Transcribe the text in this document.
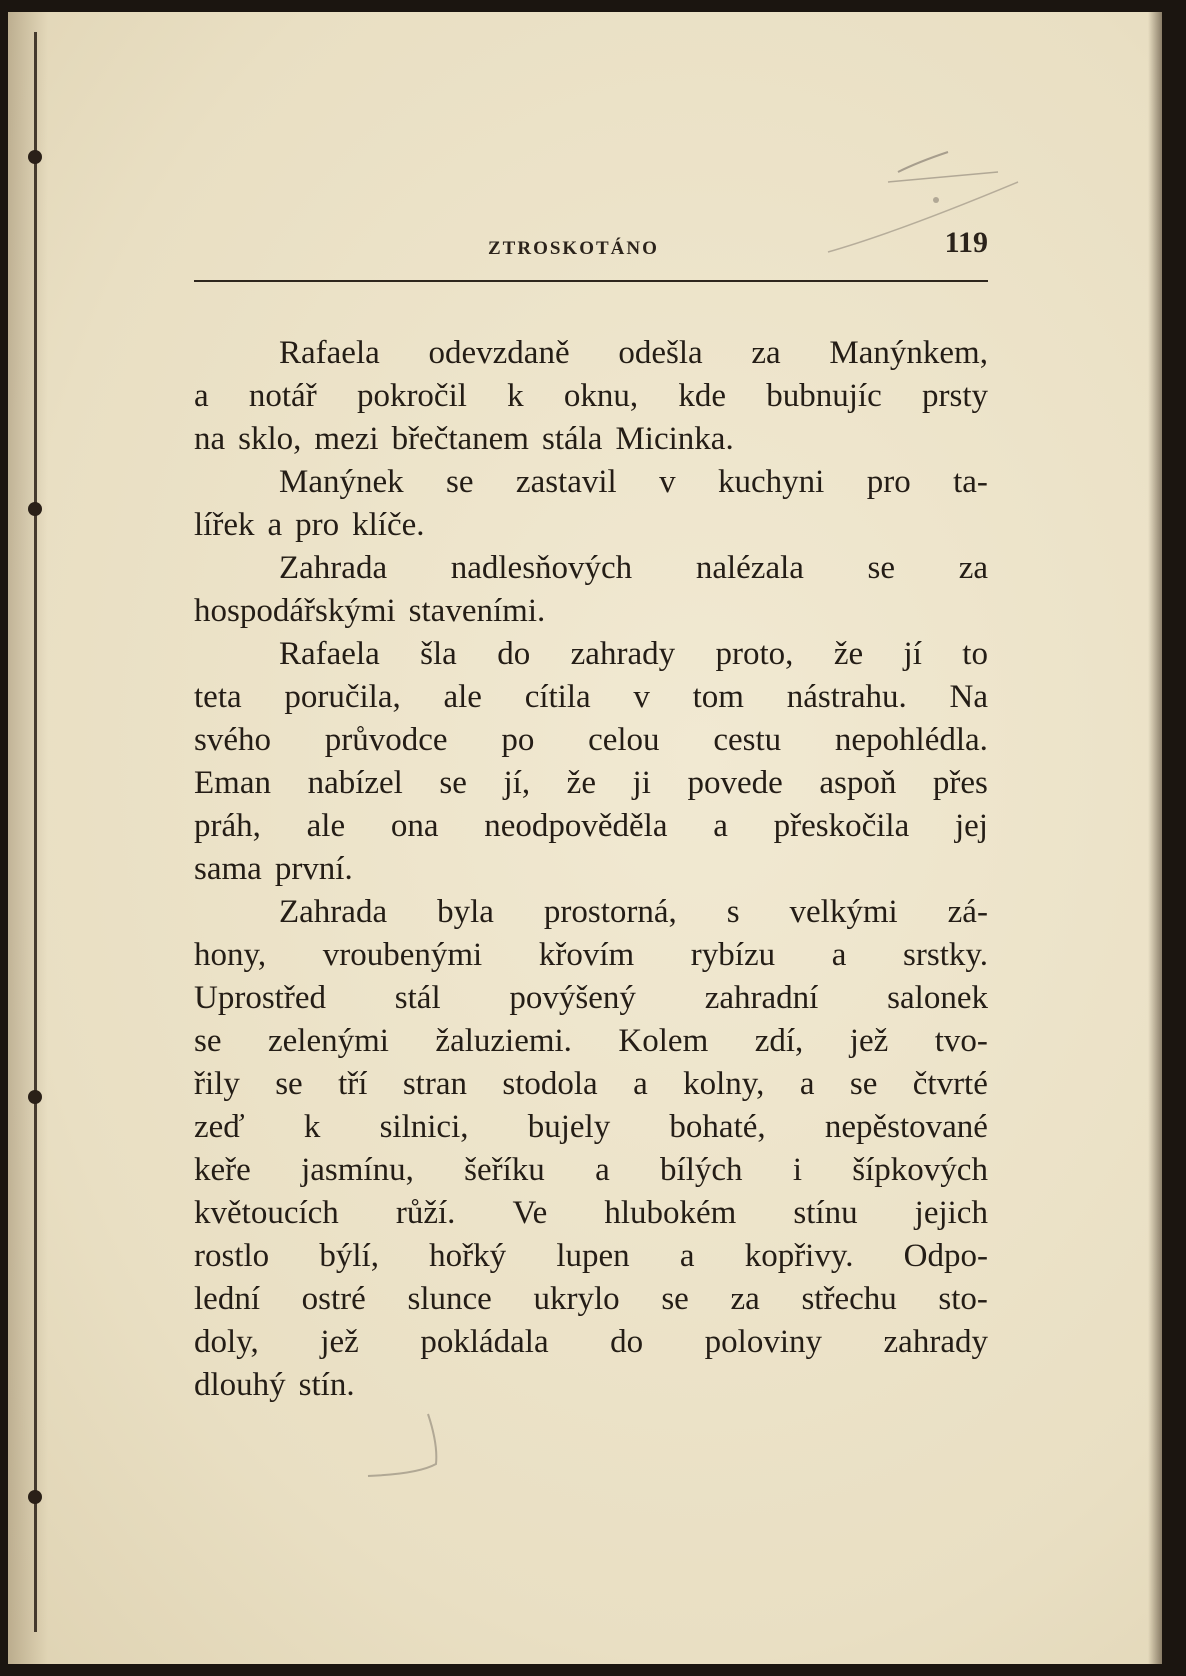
ZTROSKOTÁNO	119
Rafaela odevzdaně odešla za Manýnkem,
a notář pokročil k oknu, kde bubnujíc prsty
na sklo, mezi břečtanem stála Micinka.
Manýnek se zastavil v kuchyni pro ta-
lířek a pro klíče.
Zahrada nadlesňových nalézala se za
hospodářskými staveními.
Rafaela šla do zahrady proto, že jí to
teta poručila, ale cítila v tom nástrahu. Na
svého průvodce po celou cestu nepohlédla.
Eman nabízel se jí, že ji povede aspoň přes
práh, ale ona neodpověděla a přeskočila jej
sama první.
Zahrada byla prostorná, s velkými zá-
hony, vroubenými křovím rybízu a srstky.
Uprostřed stál povýšený zahradní salonek
se zelenými žaluziemi. Kolem zdí, jež tvo-
řily se tří stran stodola a kolny, a se čtvrté
zeď k silnici, bujely bohaté, nepěstované
keře jasmínu, šeříku a bílých i šípkových
květoucích růží. Ve hlubokém stínu jejich
rostlo býlí, hořký lupen a kopřivy. Odpo-
lední ostré slunce ukrylo se za střechu sto-
doly, jež pokládala do poloviny zahrady
dlouhý stín.
